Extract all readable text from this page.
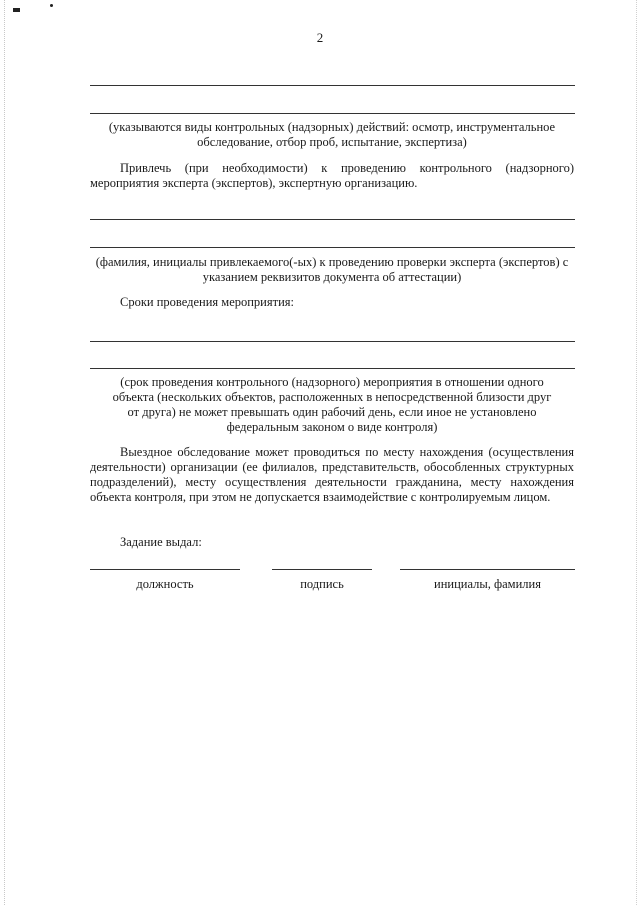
2
(указываются виды контрольных (надзорных) действий: осмотр, инструментальное обследование, отбор проб, испытание, экспертиза)
Привлечь (при необходимости) к проведению контрольного (надзорного) мероприятия эксперта (экспертов), экспертную организацию.
(фамилия, инициалы привлекаемого(-ых) к проведению проверки эксперта (экспертов) с указанием реквизитов документа об аттестации)
Сроки проведения мероприятия:
(срок проведения контрольного (надзорного) мероприятия в отношении одного объекта (нескольких объектов, расположенных в непосредственной близости друг от друга) не может превышать один рабочий день, если иное не установлено федеральным законом о виде контроля)
Выездное обследование может проводиться по месту нахождения (осуществления деятельности) организации (ее филиалов, представительств, обособленных структурных подразделений), месту осуществления деятельности гражданина, месту нахождения объекта контроля, при этом не допускается взаимодействие с контролируемым лицом.
Задание выдал:
должность	подпись	инициалы, фамилия
